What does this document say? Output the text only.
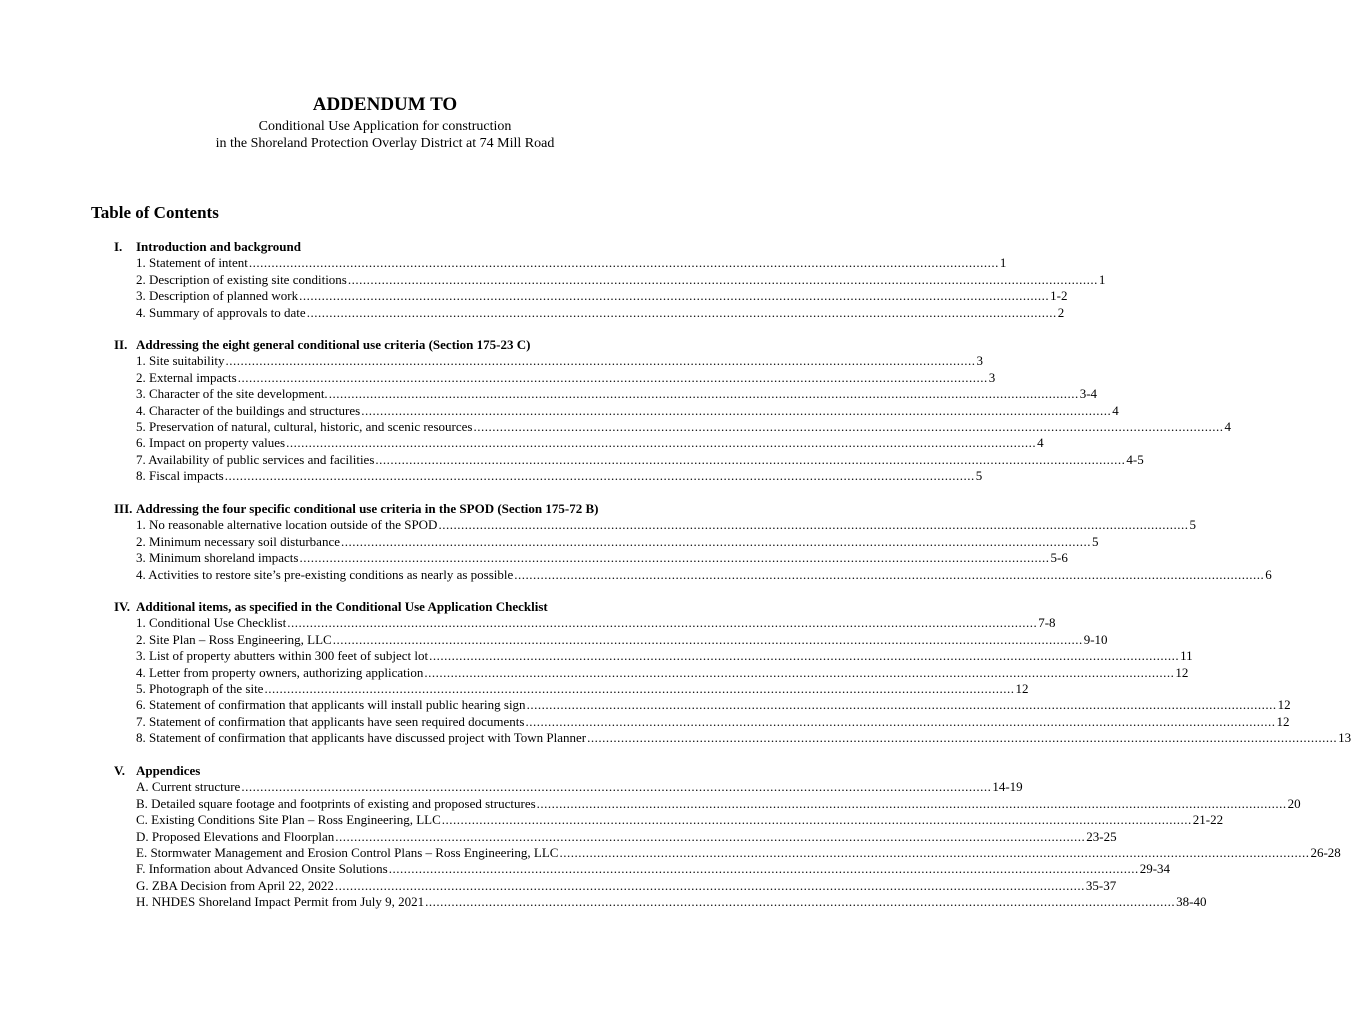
ADDENDUM TO
Conditional Use Application for construction
in the Shoreland Protection Overlay District at 74 Mill Road
Table of Contents
I. Introduction and background
1. Statement of intent ........................................................................................................................................................................................................ 1
2. Description of existing site conditions ........................................................................................................................................................................................................ 1
3. Description of planned work ........................................................................................................................................................................................................ 1-2
4. Summary of approvals to date ........................................................................................................................................................................................................ 2
II. Addressing the eight general conditional use criteria (Section 175-23 C)
1. Site suitability ........................................................................................................................................................................................................ 3
2. External impacts ........................................................................................................................................................................................................ 3
3. Character of the site development. ........................................................................................................................................................................................................ 3-4
4. Character of the buildings and structures ........................................................................................................................................................................................................ 4
5. Preservation of natural, cultural, historic, and scenic resources ........................................................................................................................................................................................................ 4
6. Impact on property values ........................................................................................................................................................................................................ 4
7. Availability of public services and facilities ........................................................................................................................................................................................................ 4-5
8. Fiscal impacts ........................................................................................................................................................................................................ 5
III. Addressing the four specific conditional use criteria in the SPOD (Section 175-72 B)
1. No reasonable alternative location outside of the SPOD ........................................................................................................................................................................................................ 5
2. Minimum necessary soil disturbance ........................................................................................................................................................................................................ 5
3. Minimum shoreland impacts ........................................................................................................................................................................................................ 5-6
4. Activities to restore site’s pre-existing conditions as nearly as possible ........................................................................................................................................................................................................ 6
IV. Additional items, as specified in the Conditional Use Application Checklist
1. Conditional Use Checklist ........................................................................................................................................................................................................ 7-8
2. Site Plan – Ross Engineering, LLC ........................................................................................................................................................................................................ 9-10
3. List of property abutters within 300 feet of subject lot ........................................................................................................................................................................................................ 11
4. Letter from property owners, authorizing application ........................................................................................................................................................................................................ 12
5. Photograph of the site ........................................................................................................................................................................................................ 12
6. Statement of confirmation that applicants will install public hearing sign ........................................................................................................................................................................................................ 12
7. Statement of confirmation that applicants have seen required documents ........................................................................................................................................................................................................ 12
8. Statement of confirmation that applicants have discussed project with Town Planner ........................................................................................................................................................................................................ 13
V. Appendices
A. Current structure ........................................................................................................................................................................................................ 14-19
B. Detailed square footage and footprints of existing and proposed structures ........................................................................................................................................................................................................ 20
C. Existing Conditions Site Plan – Ross Engineering, LLC ........................................................................................................................................................................................................ 21-22
D. Proposed Elevations and Floorplan ........................................................................................................................................................................................................ 23-25
E. Stormwater Management and Erosion Control Plans – Ross Engineering, LLC ........................................................................................................................................................................................................ 26-28
F. Information about Advanced Onsite Solutions ........................................................................................................................................................................................................ 29-34
G. ZBA Decision from April 22, 2022 ........................................................................................................................................................................................................ 35-37
H. NHDES Shoreland Impact Permit from July 9, 2021 ........................................................................................................................................................................................................ 38-40
